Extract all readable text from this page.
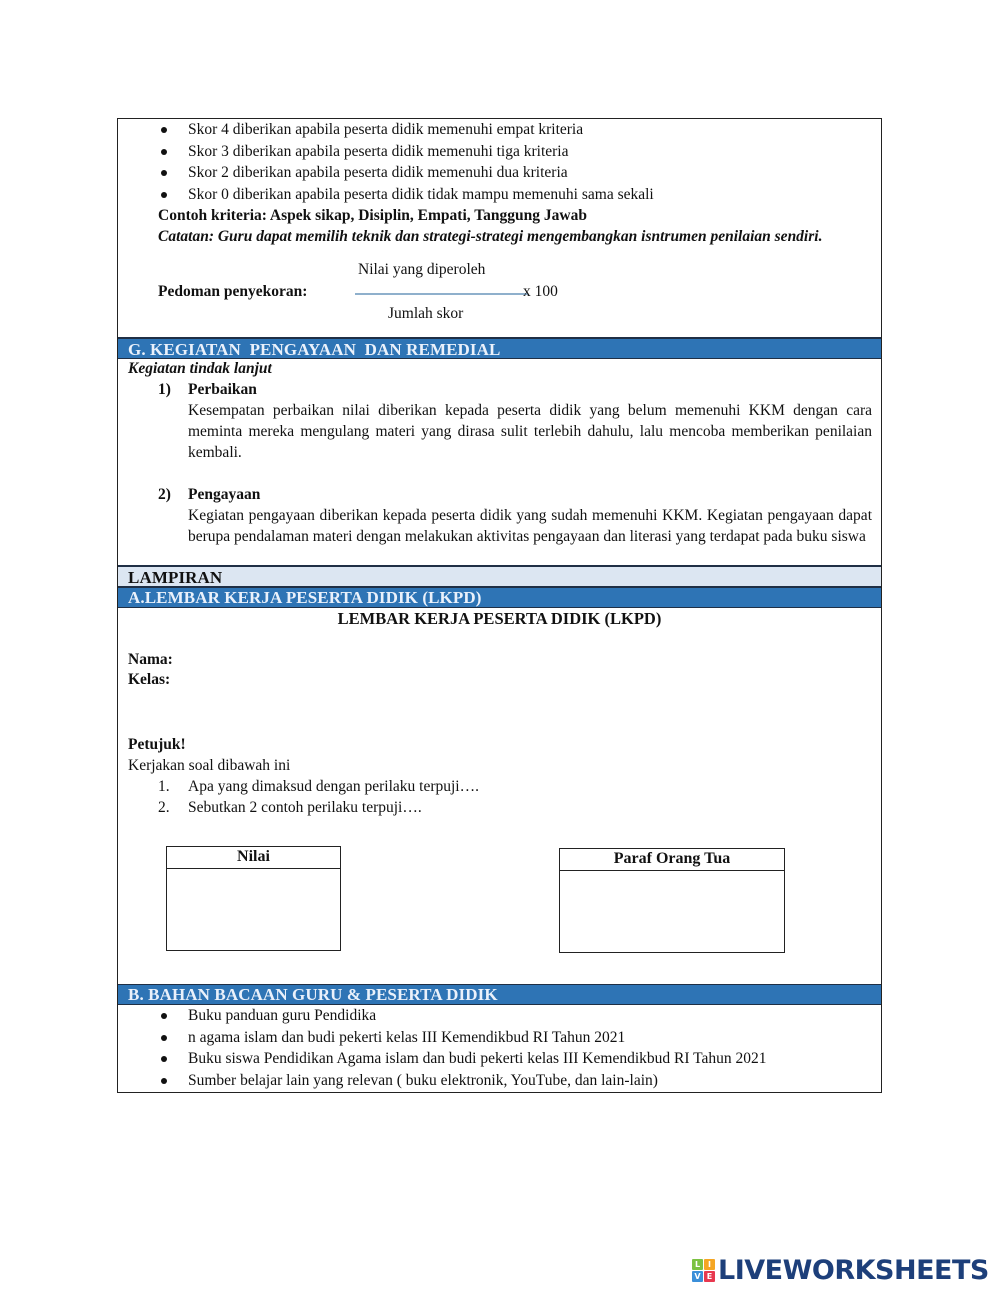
Skor 4 diberikan apabila peserta didik memenuhi empat kriteria
Skor 3 diberikan apabila peserta didik memenuhi tiga kriteria
Skor 2 diberikan apabila peserta didik memenuhi dua kriteria
Skor 0 diberikan apabila peserta didik tidak mampu memenuhi sama sekali
Contoh kriteria: Aspek sikap, Disiplin, Empati, Tanggung Jawab
Catatan: Guru dapat memilih teknik dan strategi-strategi mengembangkan isntrumen penilaian sendiri.
Pedoman penyekoran:
Nilai yang diperoleh
x 100
Jumlah skor
G. KEGIATAN  PENGAYAAN  DAN REMEDIAL
Kegiatan tindak lanjut
1) Perbaikan
Kesempatan perbaikan nilai diberikan kepada peserta didik yang belum memenuhi KKM dengan cara meminta mereka mengulang materi yang dirasa sulit terlebih dahulu, lalu mencoba memberikan penilaian kembali.
2) Pengayaan
Kegiatan pengayaan diberikan kepada peserta didik yang sudah memenuhi KKM. Kegiatan pengayaan dapat berupa pendalaman materi dengan melakukan aktivitas pengayaan dan literasi yang terdapat pada buku siswa
LAMPIRAN
A.LEMBAR KERJA PESERTA DIDIK (LKPD)
LEMBAR KERJA PESERTA DIDIK (LKPD)
Nama:
Kelas:
Petujuk!
Kerjakan soal dibawah ini
1. Apa yang dimaksud dengan perilaku terpuji….
2. Sebutkan 2 contoh perilaku terpuji….
Nilai	Paraf Orang Tua
B. BAHAN BACAAN GURU & PESERTA DIDIK
Buku panduan guru Pendidika
n agama islam dan budi pekerti kelas III Kemendikbud RI Tahun 2021
Buku siswa Pendidikan Agama islam dan budi pekerti kelas III Kemendikbud RI Tahun 2021
Sumber belajar lain yang relevan ( buku elektronik, YouTube, dan lain-lain)
L I
V E LIVEWORKSHEETS
